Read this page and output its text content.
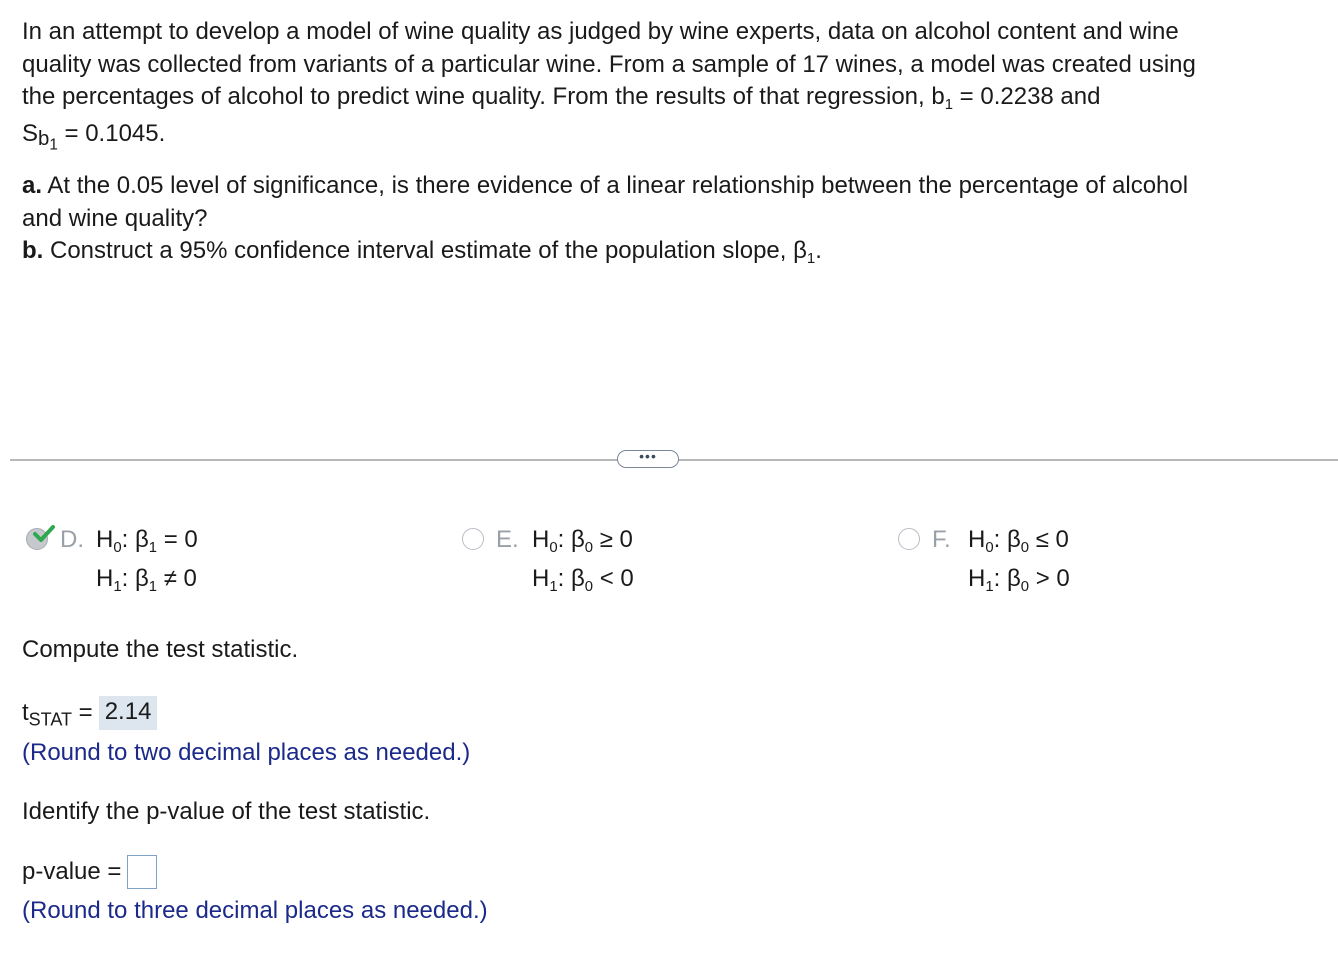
In an attempt to develop a model of wine quality as judged by wine experts, data on alcohol content and wine

quality was collected from variants of a particular wine. From a sample of 17 wines, a model was created using

the percentages of alcohol to predict wine quality. From the results of that regression, $b_1 = 0.2238$ and

$S_{b_1} = 0.1045$.

a. At the 0.05 level of significance, is there evidence of a linear relationship between the percentage of alcohol

and wine quality?

b. Construct a 95% confidence interval estimate of the population slope, $\beta_1$.

•••
D. $H_0$: $\beta_1 = 0$
$H_1$: $\beta_1 \ne 0$
E. $H_0$: $\beta_0 \ge 0$
$H_1$: $\beta_0 < 0$
F. $H_0$: $\beta_0 \le 0$
$H_1$: $\beta_0 > 0$
Compute the test statistic.
$t_{STAT} = 2.14$
(Round to two decimal places as needed.)
Identify the p-value of the test statistic.
p-value =
(Round to three decimal places as needed.)
